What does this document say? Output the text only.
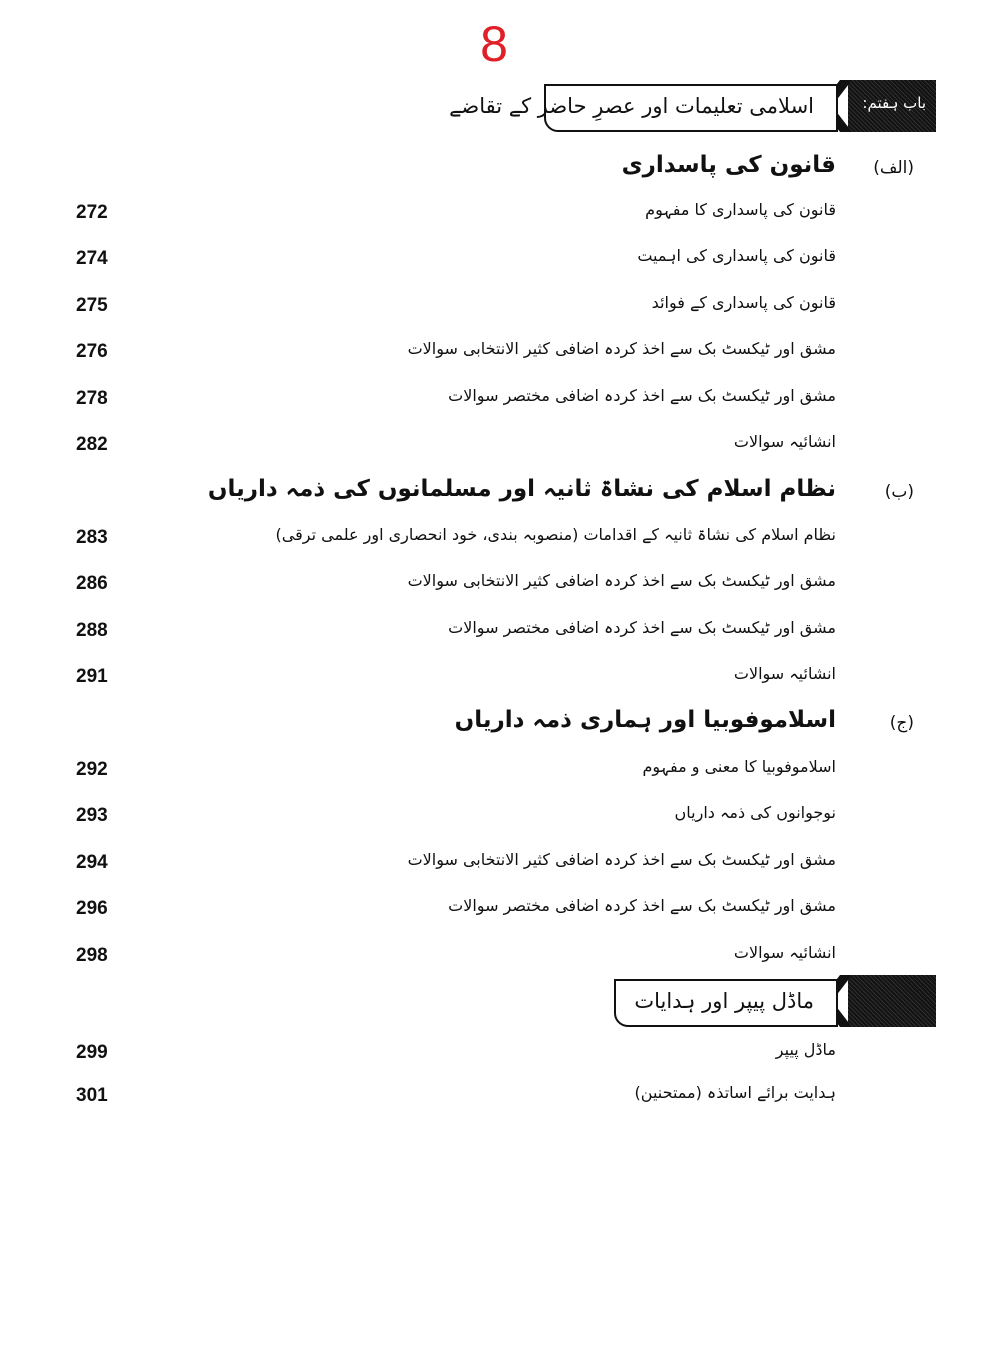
8
باب ہفتم:
اسلامی تعلیمات اور عصرِ حاضر کے تقاضے
(الف)
قانون کی پاسداری
قانون کی پاسداری کا مفہوم
272
قانون کی پاسداری کی اہمیت
274
قانون کی پاسداری کے فوائد
275
مشق اور ٹیکسٹ بک سے اخذ کردہ اضافی کثیر الانتخابی سوالات
276
مشق اور ٹیکسٹ بک سے اخذ کردہ اضافی مختصر سوالات
278
انشائیہ سوالات
282
(ب)
نظام اسلام کی نشاۃ ثانیہ اور مسلمانوں کی ذمہ داریاں
نظام اسلام کی نشاۃ ثانیہ کے اقدامات (منصوبہ بندی، خود انحصاری اور علمی ترقی)
283
مشق اور ٹیکسٹ بک سے اخذ کردہ اضافی کثیر الانتخابی سوالات
286
مشق اور ٹیکسٹ بک سے اخذ کردہ اضافی مختصر سوالات
288
انشائیہ سوالات
291
(ج)
اسلاموفوبیا اور ہماری ذمہ داریاں
اسلاموفوبیا کا معنی و مفہوم
292
نوجوانوں کی ذمہ داریاں
293
مشق اور ٹیکسٹ بک سے اخذ کردہ اضافی کثیر الانتخابی سوالات
294
مشق اور ٹیکسٹ بک سے اخذ کردہ اضافی مختصر سوالات
296
انشائیہ سوالات
298
ماڈل پیپر اور ہدایات
ماڈل پیپر
299
ہدایت برائے اساتذہ (ممتحنین)
301
